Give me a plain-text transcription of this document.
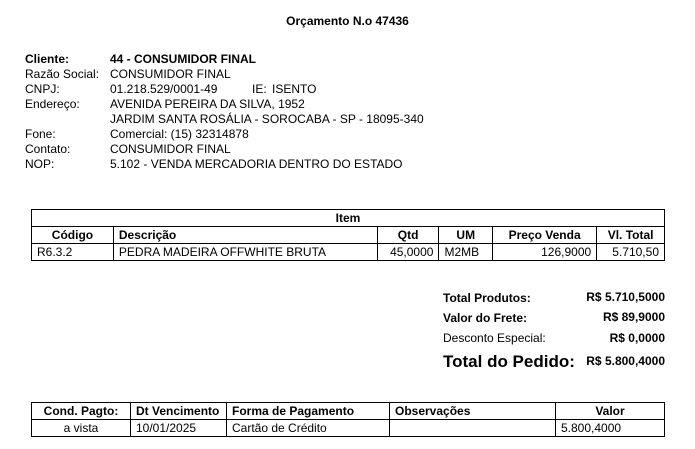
Orçamento N.o 47436
Cliente:	44 - CONSUMIDOR FINAL
Razão Social: CONSUMIDOR FINAL
CNPJ:	01.218.529/0001-49	IE: ISENTO
Endereço:	AVENIDA PEREIRA DA SILVA, 1952
JARDIM SANTA ROSÁLIA - SOROCABA - SP - 18095-340
Fone:	Comercial: (15) 32314878
Contato:	CONSUMIDOR FINAL
NOP:	5.102 - VENDA MERCADORIA DENTRO DO ESTADO
Item					
Código	Descrição	Qtd	UM	Preço Venda	Vl. Total
R6.3.2	PEDRA MADEIRA OFFWHITE BRUTA	45,0000	M2MB	126,9000	5.710,50
Total Produtos:	R$ 5.710,5000
Valor do Frete:	R$ 89,9000
Desconto Especial:	R$ 0,0000
Total do Pedido: R$ 5.800,4000
Cond. Pagto:	Dt Vencimento	Forma de Pagamento	Observações	Valor
a vista	10/01/2025	Cartão de Crédito		5.800,4000
